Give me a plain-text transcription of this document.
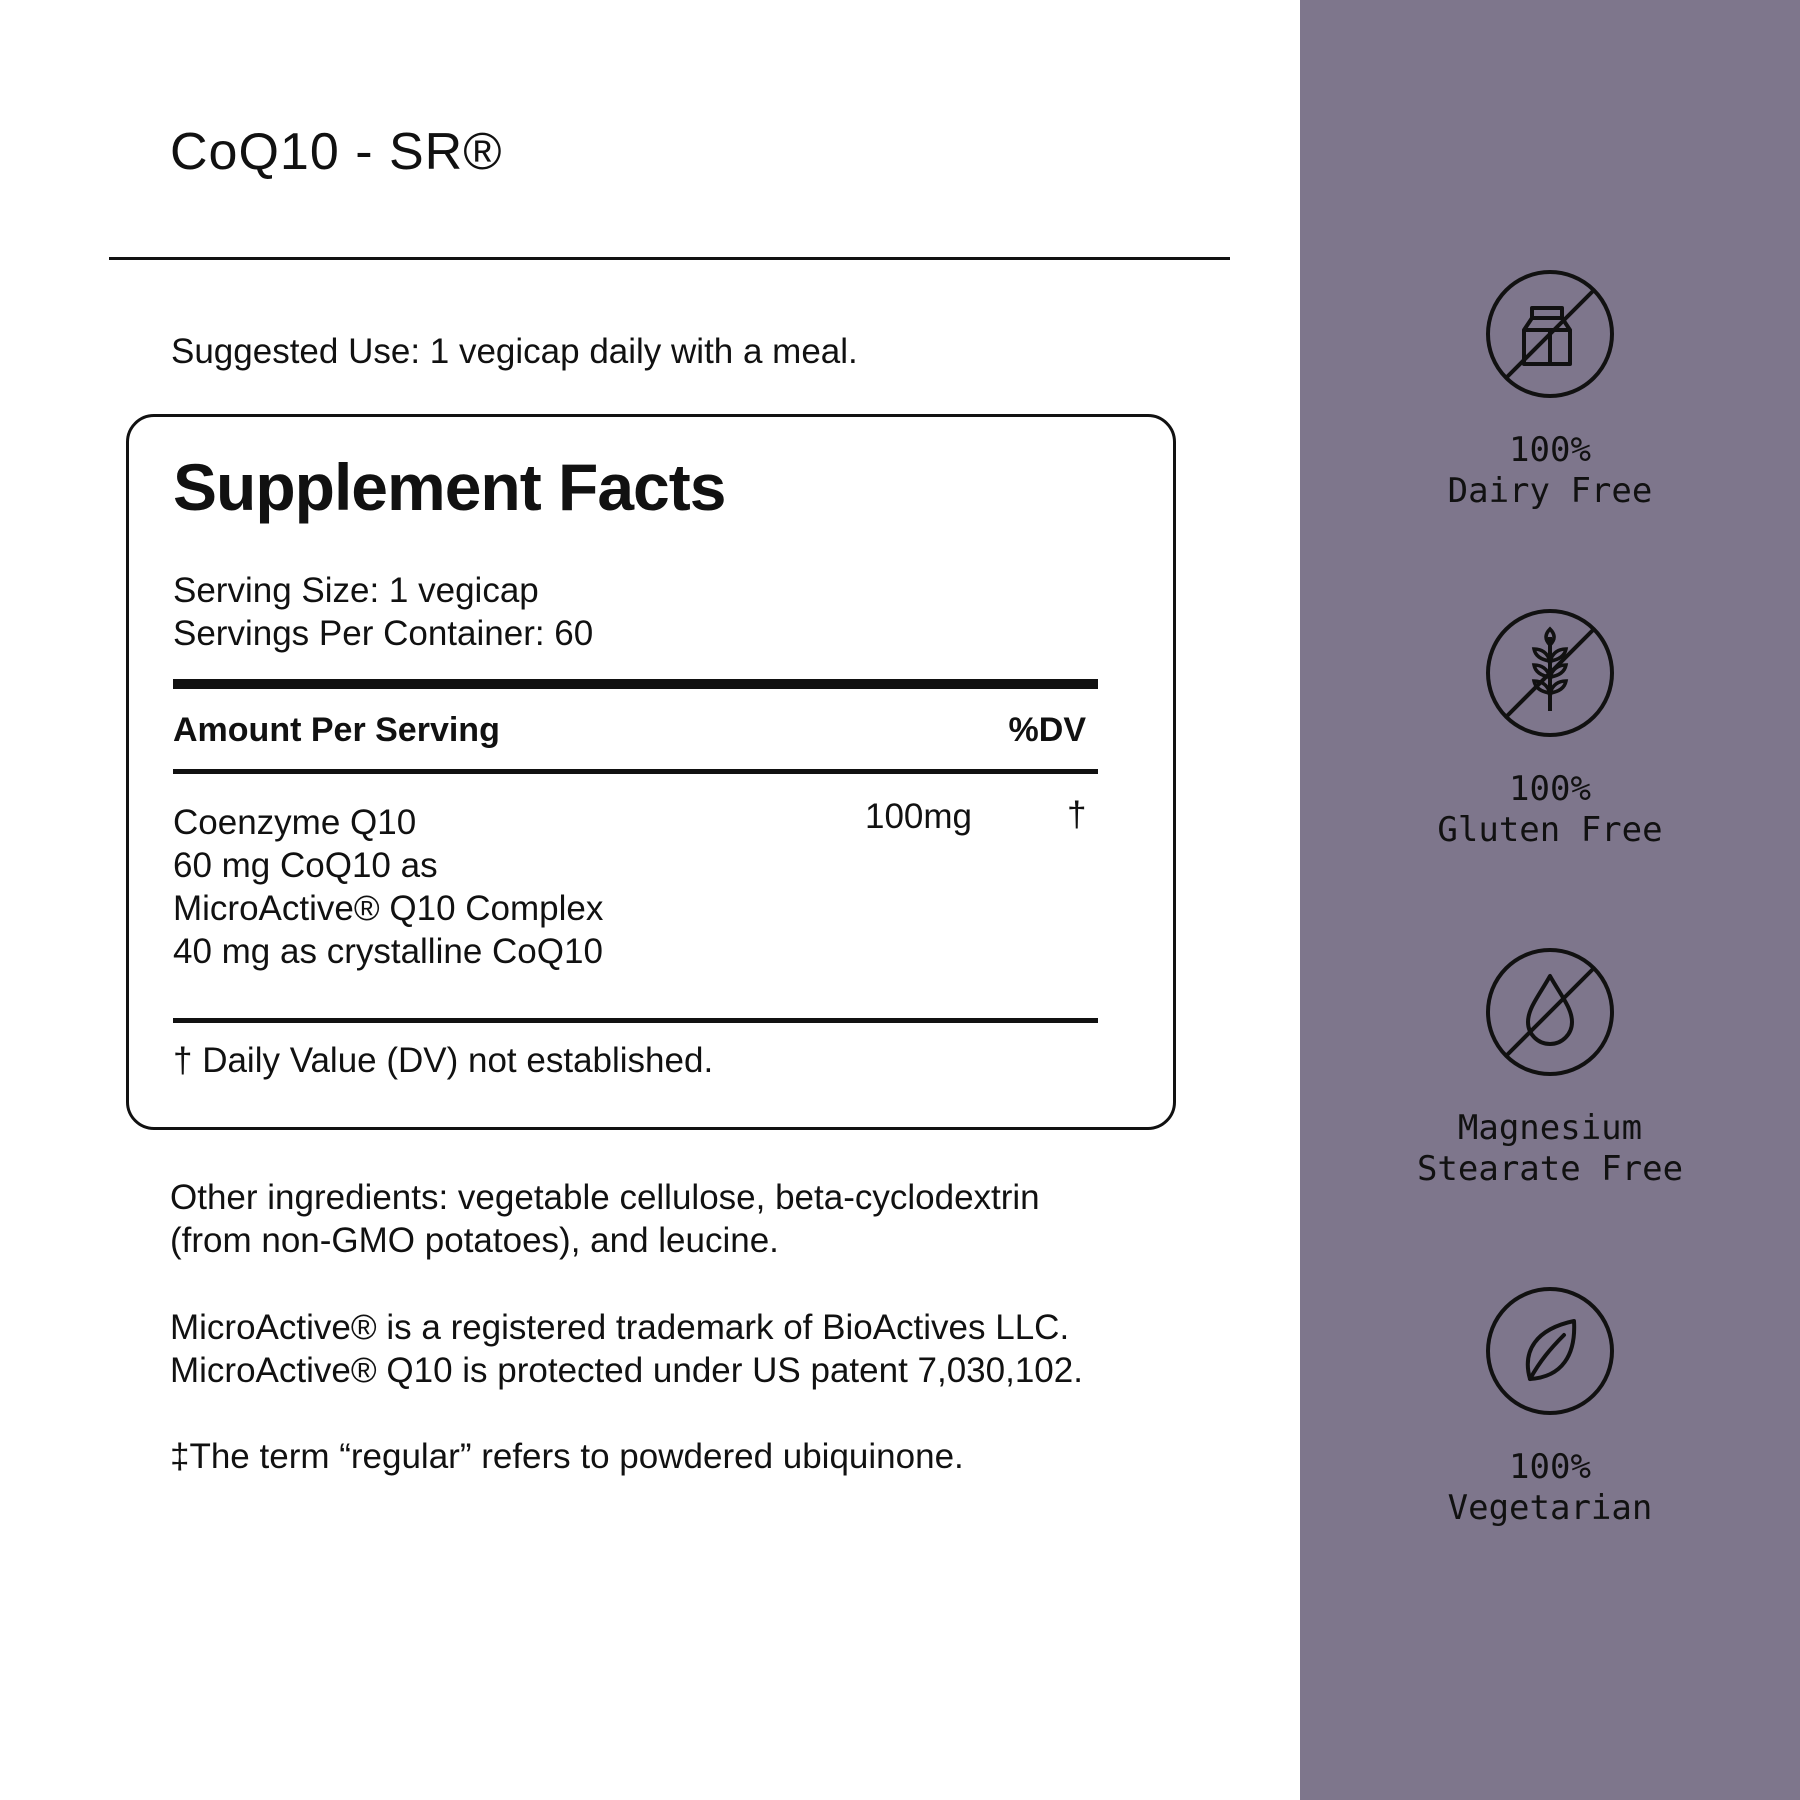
CoQ10 - SR®
Suggested Use: 1 vegicap daily with a meal.
Supplement Facts
Serving Size: 1 vegicap
Servings Per Container: 60
Amount Per Serving	%DV
Coenzyme Q10
60 mg CoQ10 as
MicroActive® Q10 Complex
40 mg as crystalline CoQ10
100mg	†
† Daily Value (DV) not established.
Other ingredients: vegetable cellulose, beta-cyclodextrin
(from non-GMO potatoes), and leucine.
MicroActive® is a registered trademark of BioActives LLC.
MicroActive® Q10 is protected under US patent 7,030,102.
‡The term “regular” refers to powdered ubiquinone.
100%
Dairy Free
100%
Gluten Free
Magnesium
Stearate Free
100%
Vegetarian
